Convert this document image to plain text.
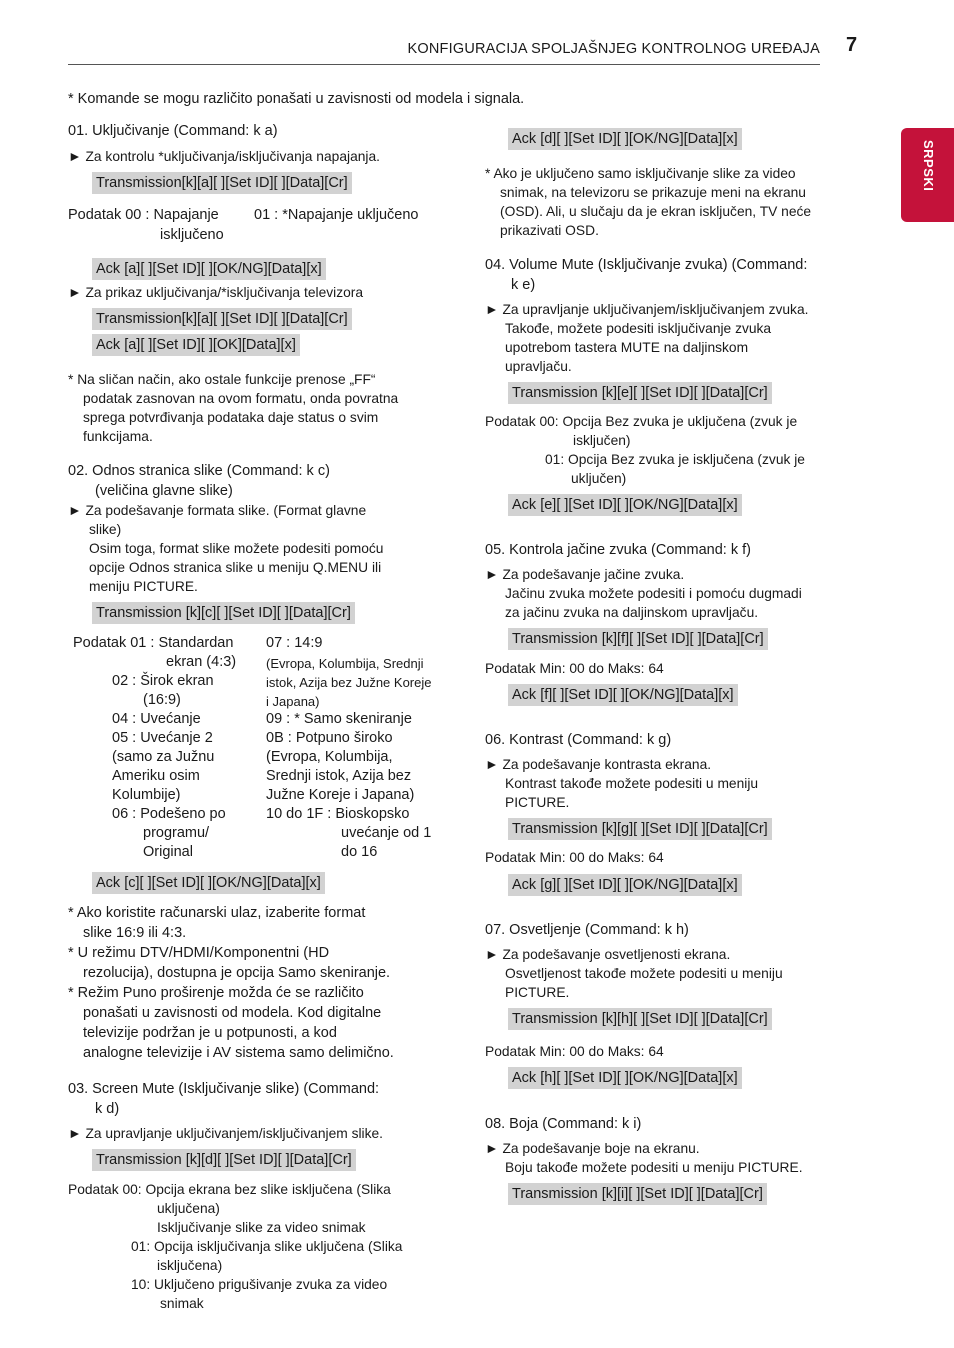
KONFIGURACIJA SPOLJAŠNJEG KONTROLNOG UREĐAJA 7
SRPSKI
* Komande se mogu različito ponašati u zavisnosti od modela i signala.
01. Uključivanje (Command: k a)
► Za kontrolu *uključivanja/isključivanja napajanja.
Transmission[k][a][ ][Set ID][ ][Data][Cr]
Podatak 00 : Napajanje
isključeno
01 : *Napajanje uključeno
Ack [a][ ][Set ID][ ][OK/NG][Data][x]
► Za prikaz uključivanja/*isključivanja televizora
Transmission[k][a][ ][Set ID][ ][Data][Cr]
Ack [a][ ][Set ID][ ][OK][Data][x]
* Na sličan način, ako ostale funkcije prenose „FF“
podatak zasnovan na ovom formatu, onda povratna
sprega potvrđivanja podataka daje status o svim
funkcijama.
02. Odnos stranica slike (Command: k c)
(veličina glavne slike)
► Za podešavanje formata slike. (Format glavne
slike)
Osim toga, format slike možete podesiti pomoću
opcije Odnos stranica slike u meniju Q.MENU ili
meniju PICTURE.
Transmission [k][c][ ][Set ID][ ][Data][Cr]
Podatak 01 : Standardan
ekran (4:3)
02 : Širok ekran
(16:9)
04 : Uvećanje
05 : Uvećanje 2
(samo za Južnu
Ameriku osim
Kolumbije)
06 : Podešeno po
programu/
Original
07 : 14:9
(Evropa, Kolumbija, Srednji
istok, Azija bez Južne Koreje
i Japana)
09 : * Samo skeniranje
0B : Potpuno široko
(Evropa, Kolumbija,
Srednji istok, Azija bez
Južne Koreje i Japana)
10 do 1F : Bioskopsko
uvećanje od 1
do 16
Ack [c][ ][Set ID][ ][OK/NG][Data][x]
* Ako koristite računarski ulaz, izaberite format
slike 16:9 ili 4:3.
* U režimu DTV/HDMI/Komponentni (HD
rezolucija), dostupna je opcija Samo skeniranje.
* Režim Puno proširenje možda će se različito
ponašati u zavisnosti od modela. Kod digitalne
televizije podržan je u potpunosti, a kod
analogne televizije i AV sistema samo delimično.
03. Screen Mute (Isključivanje slike) (Command:
k d)
► Za upravljanje uključivanjem/isključivanjem slike.
Transmission [k][d][ ][Set ID][ ][Data][Cr]
Podatak 00: Opcija ekrana bez slike isključena (Slika
uključena)
Isključivanje slike za video snimak
01: Opcija isključivanja slike uključena (Slika
isključena)
10: Uključeno prigušivanje zvuka za video
snimak
Ack [d][ ][Set ID][ ][OK/NG][Data][x]
* Ako je uključeno samo isključivanje slike za video
snimak, na televizoru se prikazuje meni na ekranu
(OSD). Ali, u slučaju da je ekran isključen, TV neće
prikazivati OSD.
04. Volume Mute (Isključivanje zvuka) (Command:
k e)
► Za upravljanje uključivanjem/isključivanjem zvuka.
Takođe, možete podesiti isključivanje zvuka
upotrebom tastera MUTE na daljinskom
upravljaču.
Transmission [k][e][ ][Set ID][ ][Data][Cr]
Podatak 00: Opcija Bez zvuka je uključena (zvuk je
isključen)
01: Opcija Bez zvuka je isključena (zvuk je
uključen)
Ack [e][ ][Set ID][ ][OK/NG][Data][x]
05. Kontrola jačine zvuka (Command: k f)
► Za podešavanje jačine zvuka.
Jačinu zvuka možete podesiti i pomoću dugmadi
za jačinu zvuka na daljinskom upravljaču.
Transmission [k][f][ ][Set ID][ ][Data][Cr]
Podatak Min: 00 do Maks: 64
Ack [f][ ][Set ID][ ][OK/NG][Data][x]
06. Kontrast (Command: k g)
► Za podešavanje kontrasta ekrana.
Kontrast takođe možete podesiti u meniju
PICTURE.
Transmission [k][g][ ][Set ID][ ][Data][Cr]
Podatak Min: 00 do Maks: 64
Ack [g][ ][Set ID][ ][OK/NG][Data][x]
07. Osvetljenje (Command: k h)
► Za podešavanje osvetljenosti ekrana.
Osvetljenost takođe možete podesiti u meniju
PICTURE.
Transmission [k][h][ ][Set ID][ ][Data][Cr]
Podatak Min: 00 do Maks: 64
Ack [h][ ][Set ID][ ][OK/NG][Data][x]
08. Boja (Command: k i)
► Za podešavanje boje na ekranu.
Boju takođe možete podesiti u meniju PICTURE.
Transmission [k][i][ ][Set ID][ ][Data][Cr]
